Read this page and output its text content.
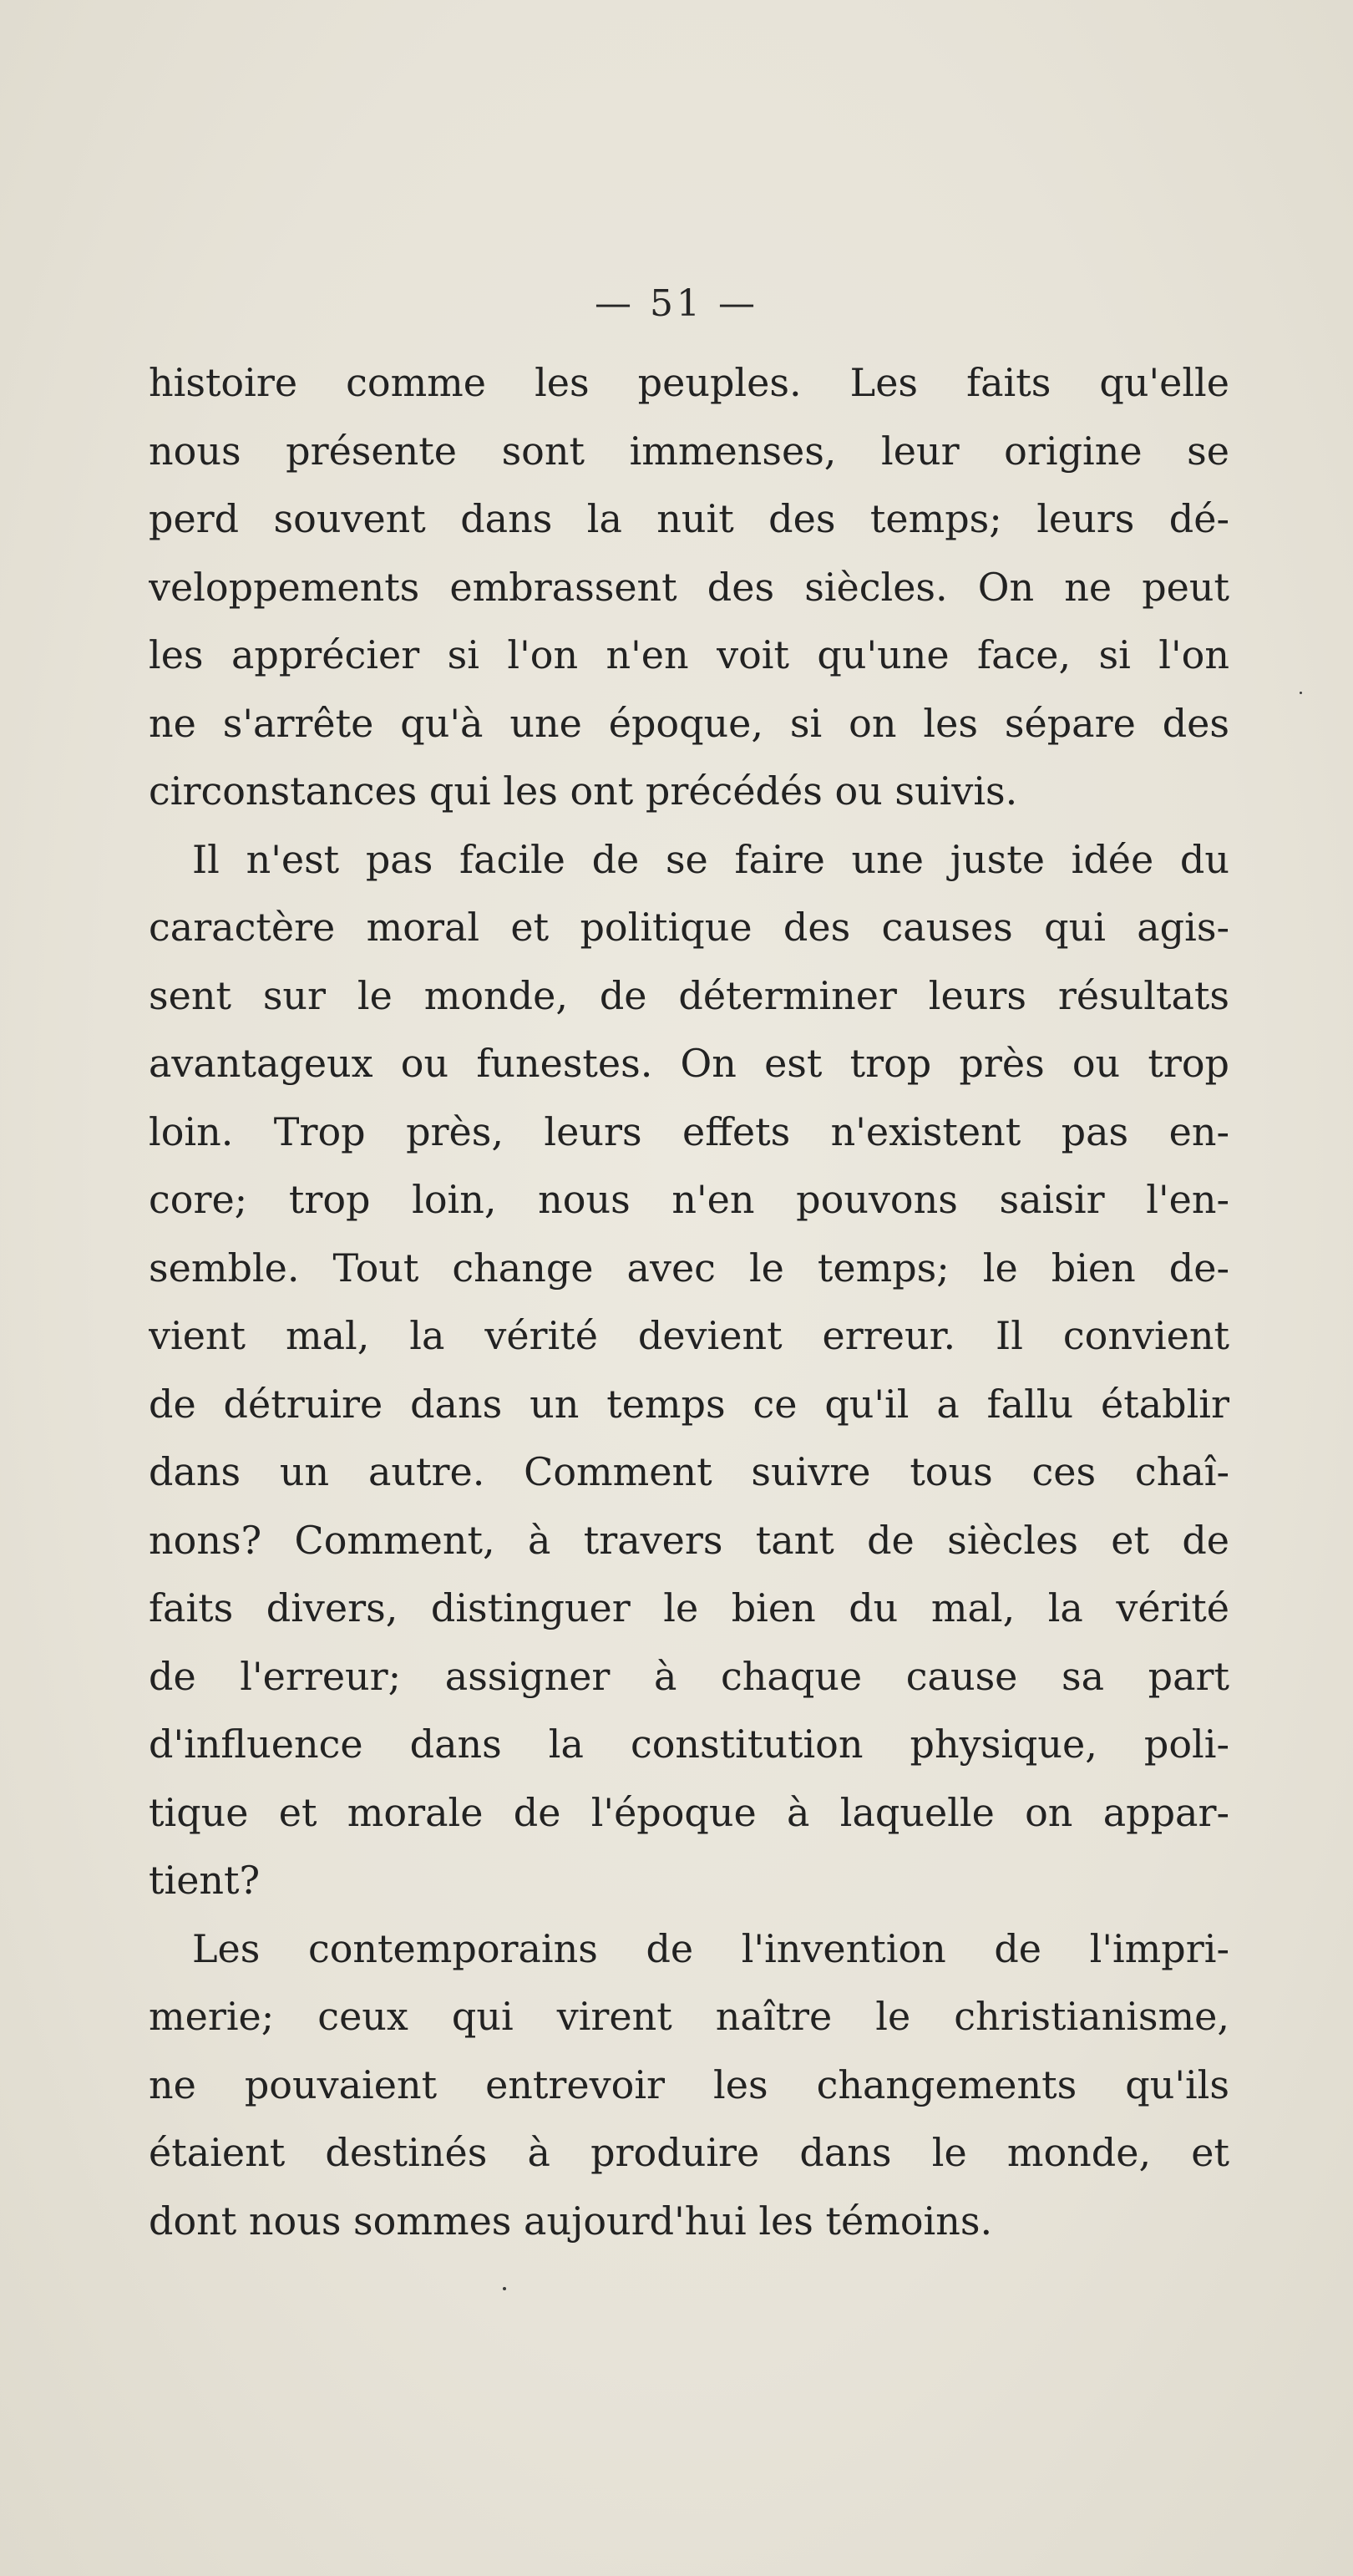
— 51 —
histoire comme les peuples. Les faits qu'elle
nous présente sont immenses, leur origine se
perd souvent dans la nuit des temps; leurs dé-
veloppements embrassent des siècles. On ne peut
les apprécier si l'on n'en voit qu'une face, si l'on
ne s'arrête qu'à une époque, si on les sépare des
circonstances qui les ont précédés ou suivis.
Il n'est pas facile de se faire une juste idée du
caractère moral et politique des causes qui agis-
sent sur le monde, de déterminer leurs résultats
avantageux ou funestes. On est trop près ou trop
loin. Trop près, leurs effets n'existent pas en-
core; trop loin, nous n'en pouvons saisir l'en-
semble. Tout change avec le temps; le bien de-
vient mal, la vérité devient erreur. Il convient
de détruire dans un temps ce qu'il a fallu établir
dans un autre. Comment suivre tous ces chaî-
nons? Comment, à travers tant de siècles et de
faits divers, distinguer le bien du mal, la vérité
de l'erreur; assigner à chaque cause sa part
d'influence dans la constitution physique, poli-
tique et morale de l'époque à laquelle on appar-
tient?
Les contemporains de l'invention de l'impri-
merie; ceux qui virent naître le christianisme,
ne pouvaient entrevoir les changements qu'ils
étaient destinés à produire dans le monde, et
dont nous sommes aujourd'hui les témoins.
